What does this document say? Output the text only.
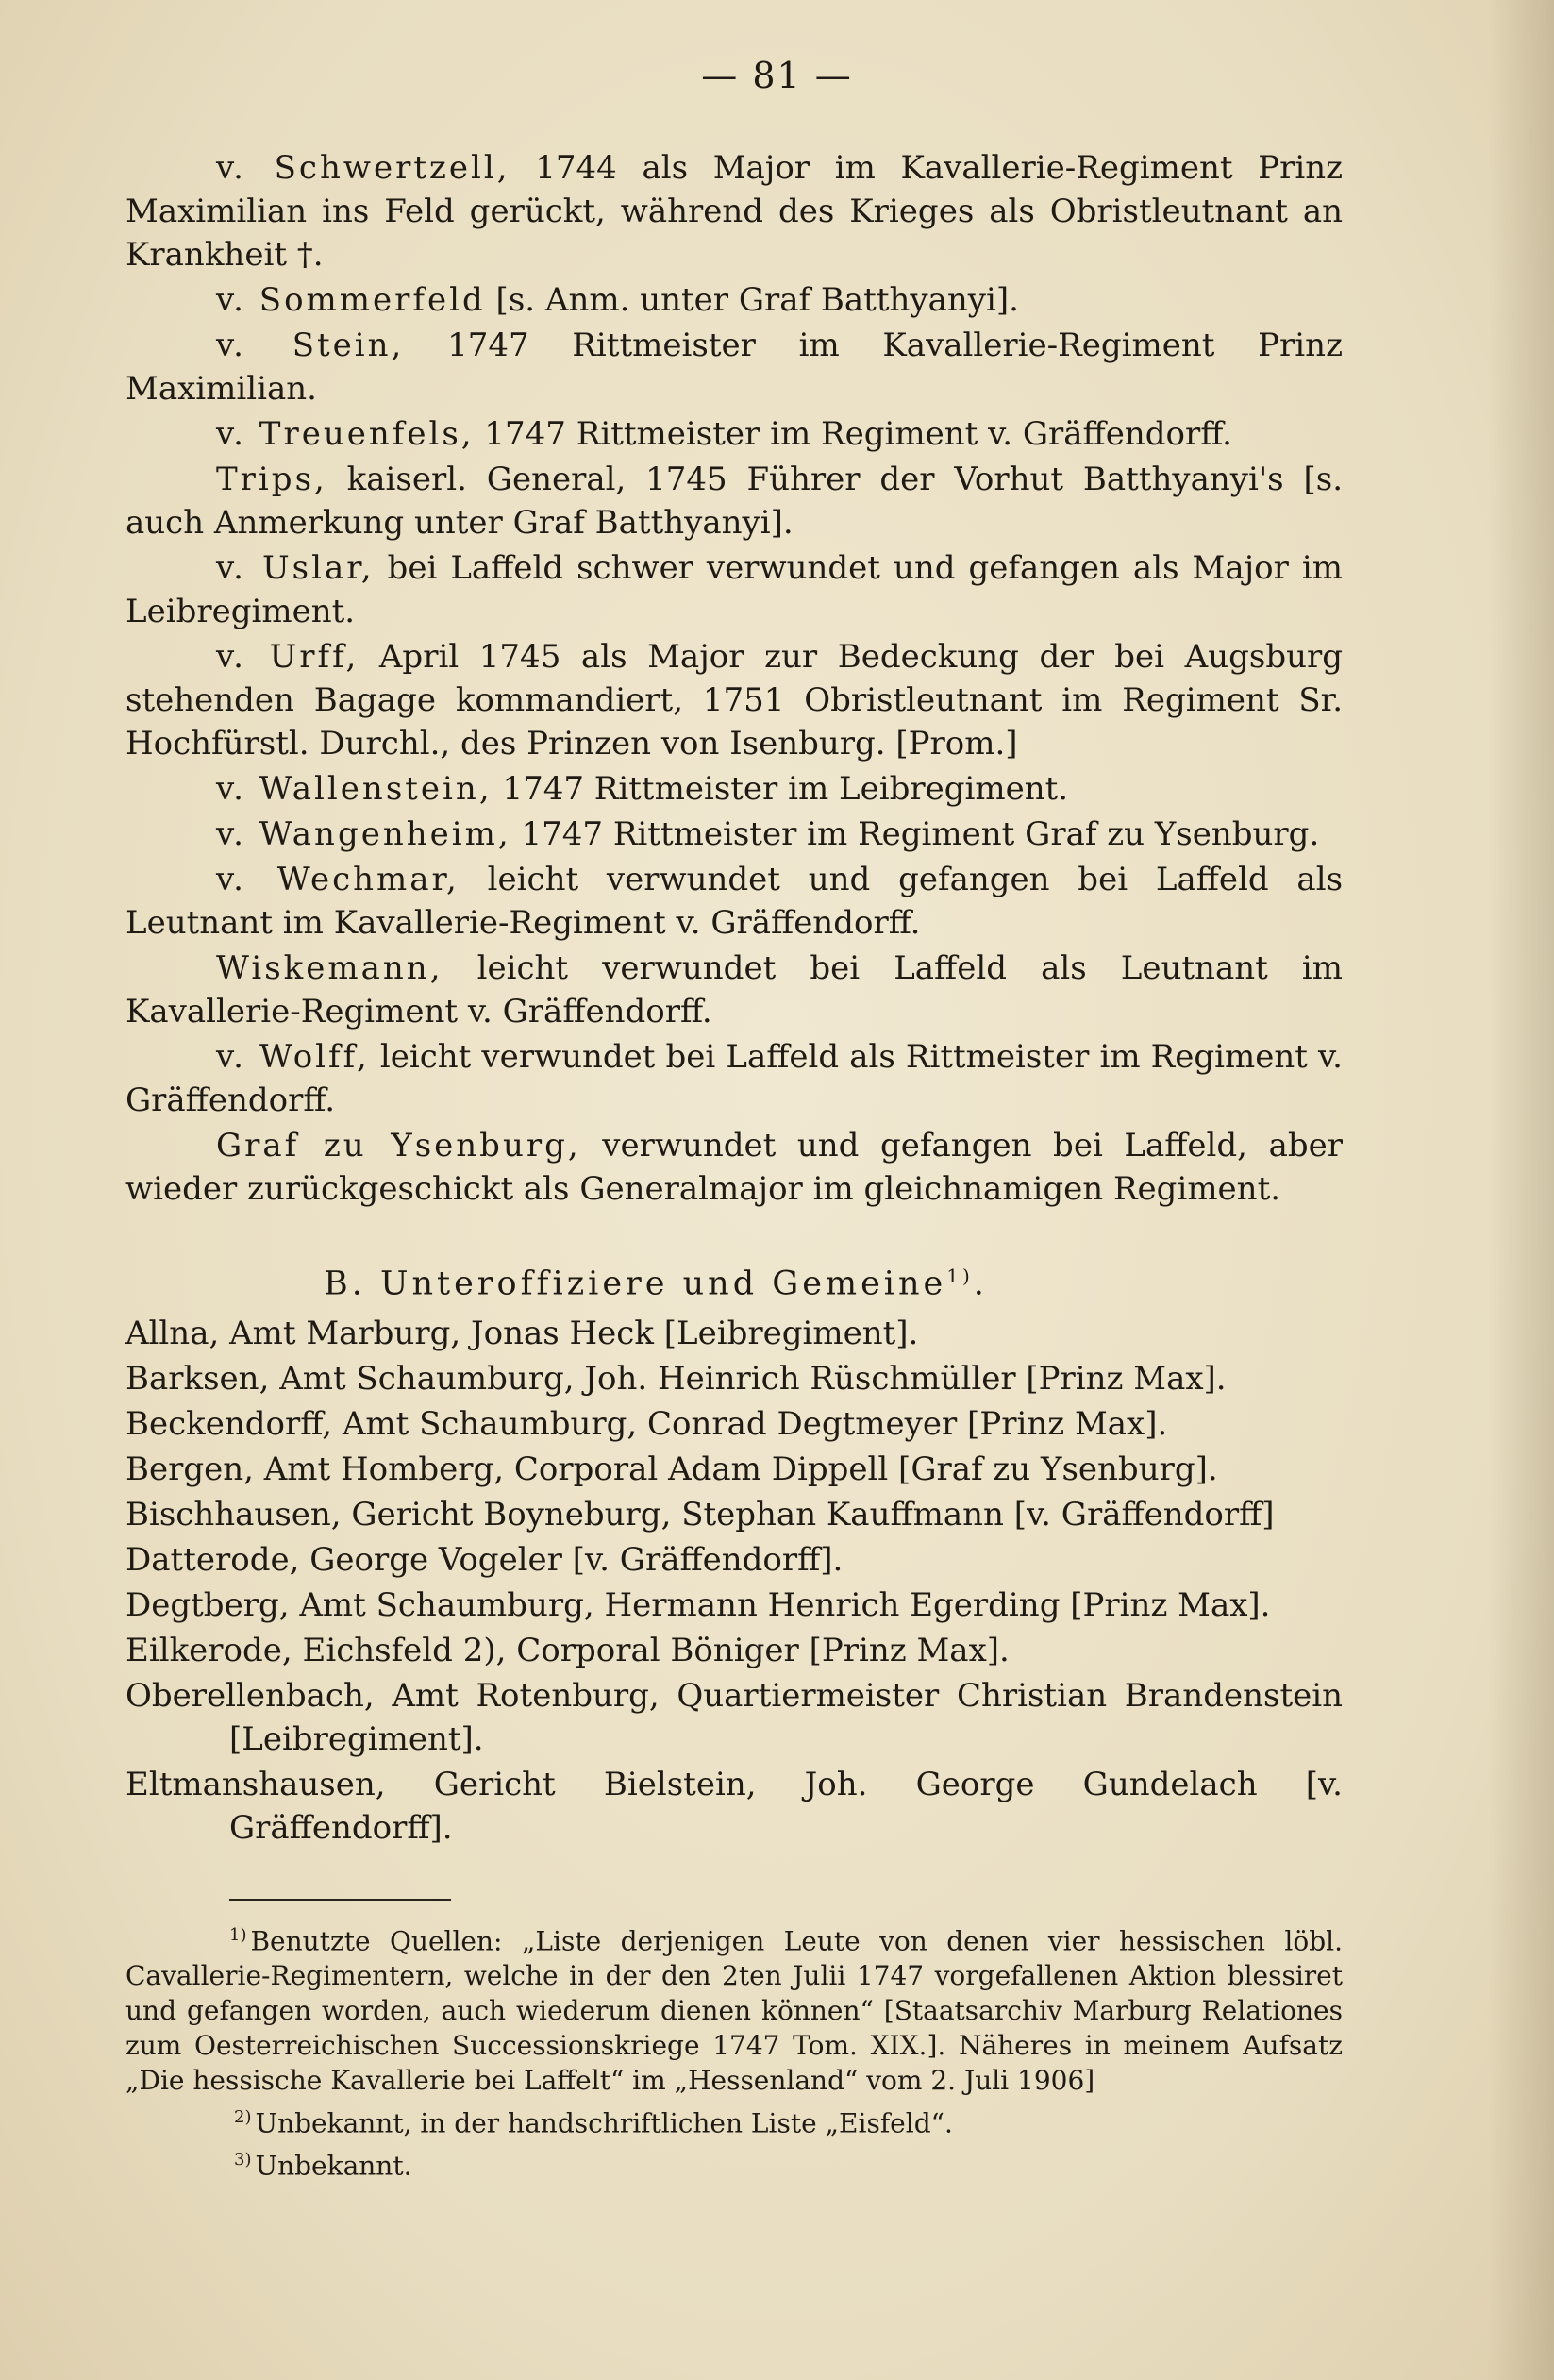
— 81 —

v. Schwertzell, 1744 als Major im Kavallerie-Regiment Prinz Maximilian ins Feld gerückt, während des Krieges als Obristleutnant an Krankheit †.

v. Sommerfeld [s. Anm. unter Graf Batthyanyi].

v. Stein, 1747 Rittmeister im Kavallerie-Regiment Prinz Maximilian.

v. Treuenfels, 1747 Rittmeister im Regiment v. Gräffendorff.

Trips, kaiserl. General, 1745 Führer der Vorhut Batthyanyi's [s. auch Anmerkung unter Graf Batthyanyi].

v. Uslar, bei Laffeld schwer verwundet und gefangen als Major im Leibregiment.

v. Urff, April 1745 als Major zur Bedeckung der bei Augsburg stehenden Bagage kommandiert, 1751 Obristleutnant im Regiment Sr. Hochfürstl. Durchl., des Prinzen von Isenburg. [Prom.]

v. Wallenstein, 1747 Rittmeister im Leibregiment.

v. Wangenheim, 1747 Rittmeister im Regiment Graf zu Ysenburg.

v. Wechmar, leicht verwundet und gefangen bei Laffeld als Leutnant im Kavallerie-Regiment v. Gräffendorff.

Wiskemann, leicht verwundet bei Laffeld als Leutnant im Kavallerie-Regiment v. Gräffendorff.

v. Wolff, leicht verwundet bei Laffeld als Rittmeister im Regiment v. Gräffendorff.

Graf zu Ysenburg, verwundet und gefangen bei Laffeld, aber wieder zurückgeschickt als Generalmajor im gleichnamigen Regiment.

B. Unteroffiziere und Gemeine$^{1)}$.

Allna, Amt Marburg, Jonas Heck [Leibregiment].

Barksen, Amt Schaumburg, Joh. Heinrich Rüschmüller [Prinz Max].

Beckendorff, Amt Schaumburg, Conrad Degtmeyer [Prinz Max].

Bergen, Amt Homberg, Corporal Adam Dippell [Graf zu Ysenburg].

Bischhausen, Gericht Boyneburg, Stephan Kauffmann [v. Gräffendorff]

Datterode, George Vogeler [v. Gräffendorff].

Degtberg, Amt Schaumburg, Hermann Henrich Egerding [Prinz Max].

Eilkerode, Eichsfeld 2), Corporal Böniger [Prinz Max].

Oberellenbach, Amt Rotenburg, Quartiermeister Christian Brandenstein [Leibregiment].

Eltmanshausen, Gericht Bielstein, Joh. George Gundelach [v. Gräffendorff].

$^{1)}$ Benutzte Quellen: „Liste derjenigen Leute von denen vier hessischen löbl. Cavallerie-Regimentern, welche in der den 2ten Julii 1747 vorgefallenen Aktion blessiret und gefangen worden, auch wiederum dienen können“ [Staatsarchiv Marburg Relationes zum Oesterreichischen Successionskriege 1747 Tom. XIX.]. Näheres in meinem Aufsatz „Die hessische Kavallerie bei Laffelt“ im „Hessenland“ vom 2. Juli 1906]

$^{2)}$ Unbekannt, in der handschriftlichen Liste „Eisfeld“.

$^{3)}$ Unbekannt.
